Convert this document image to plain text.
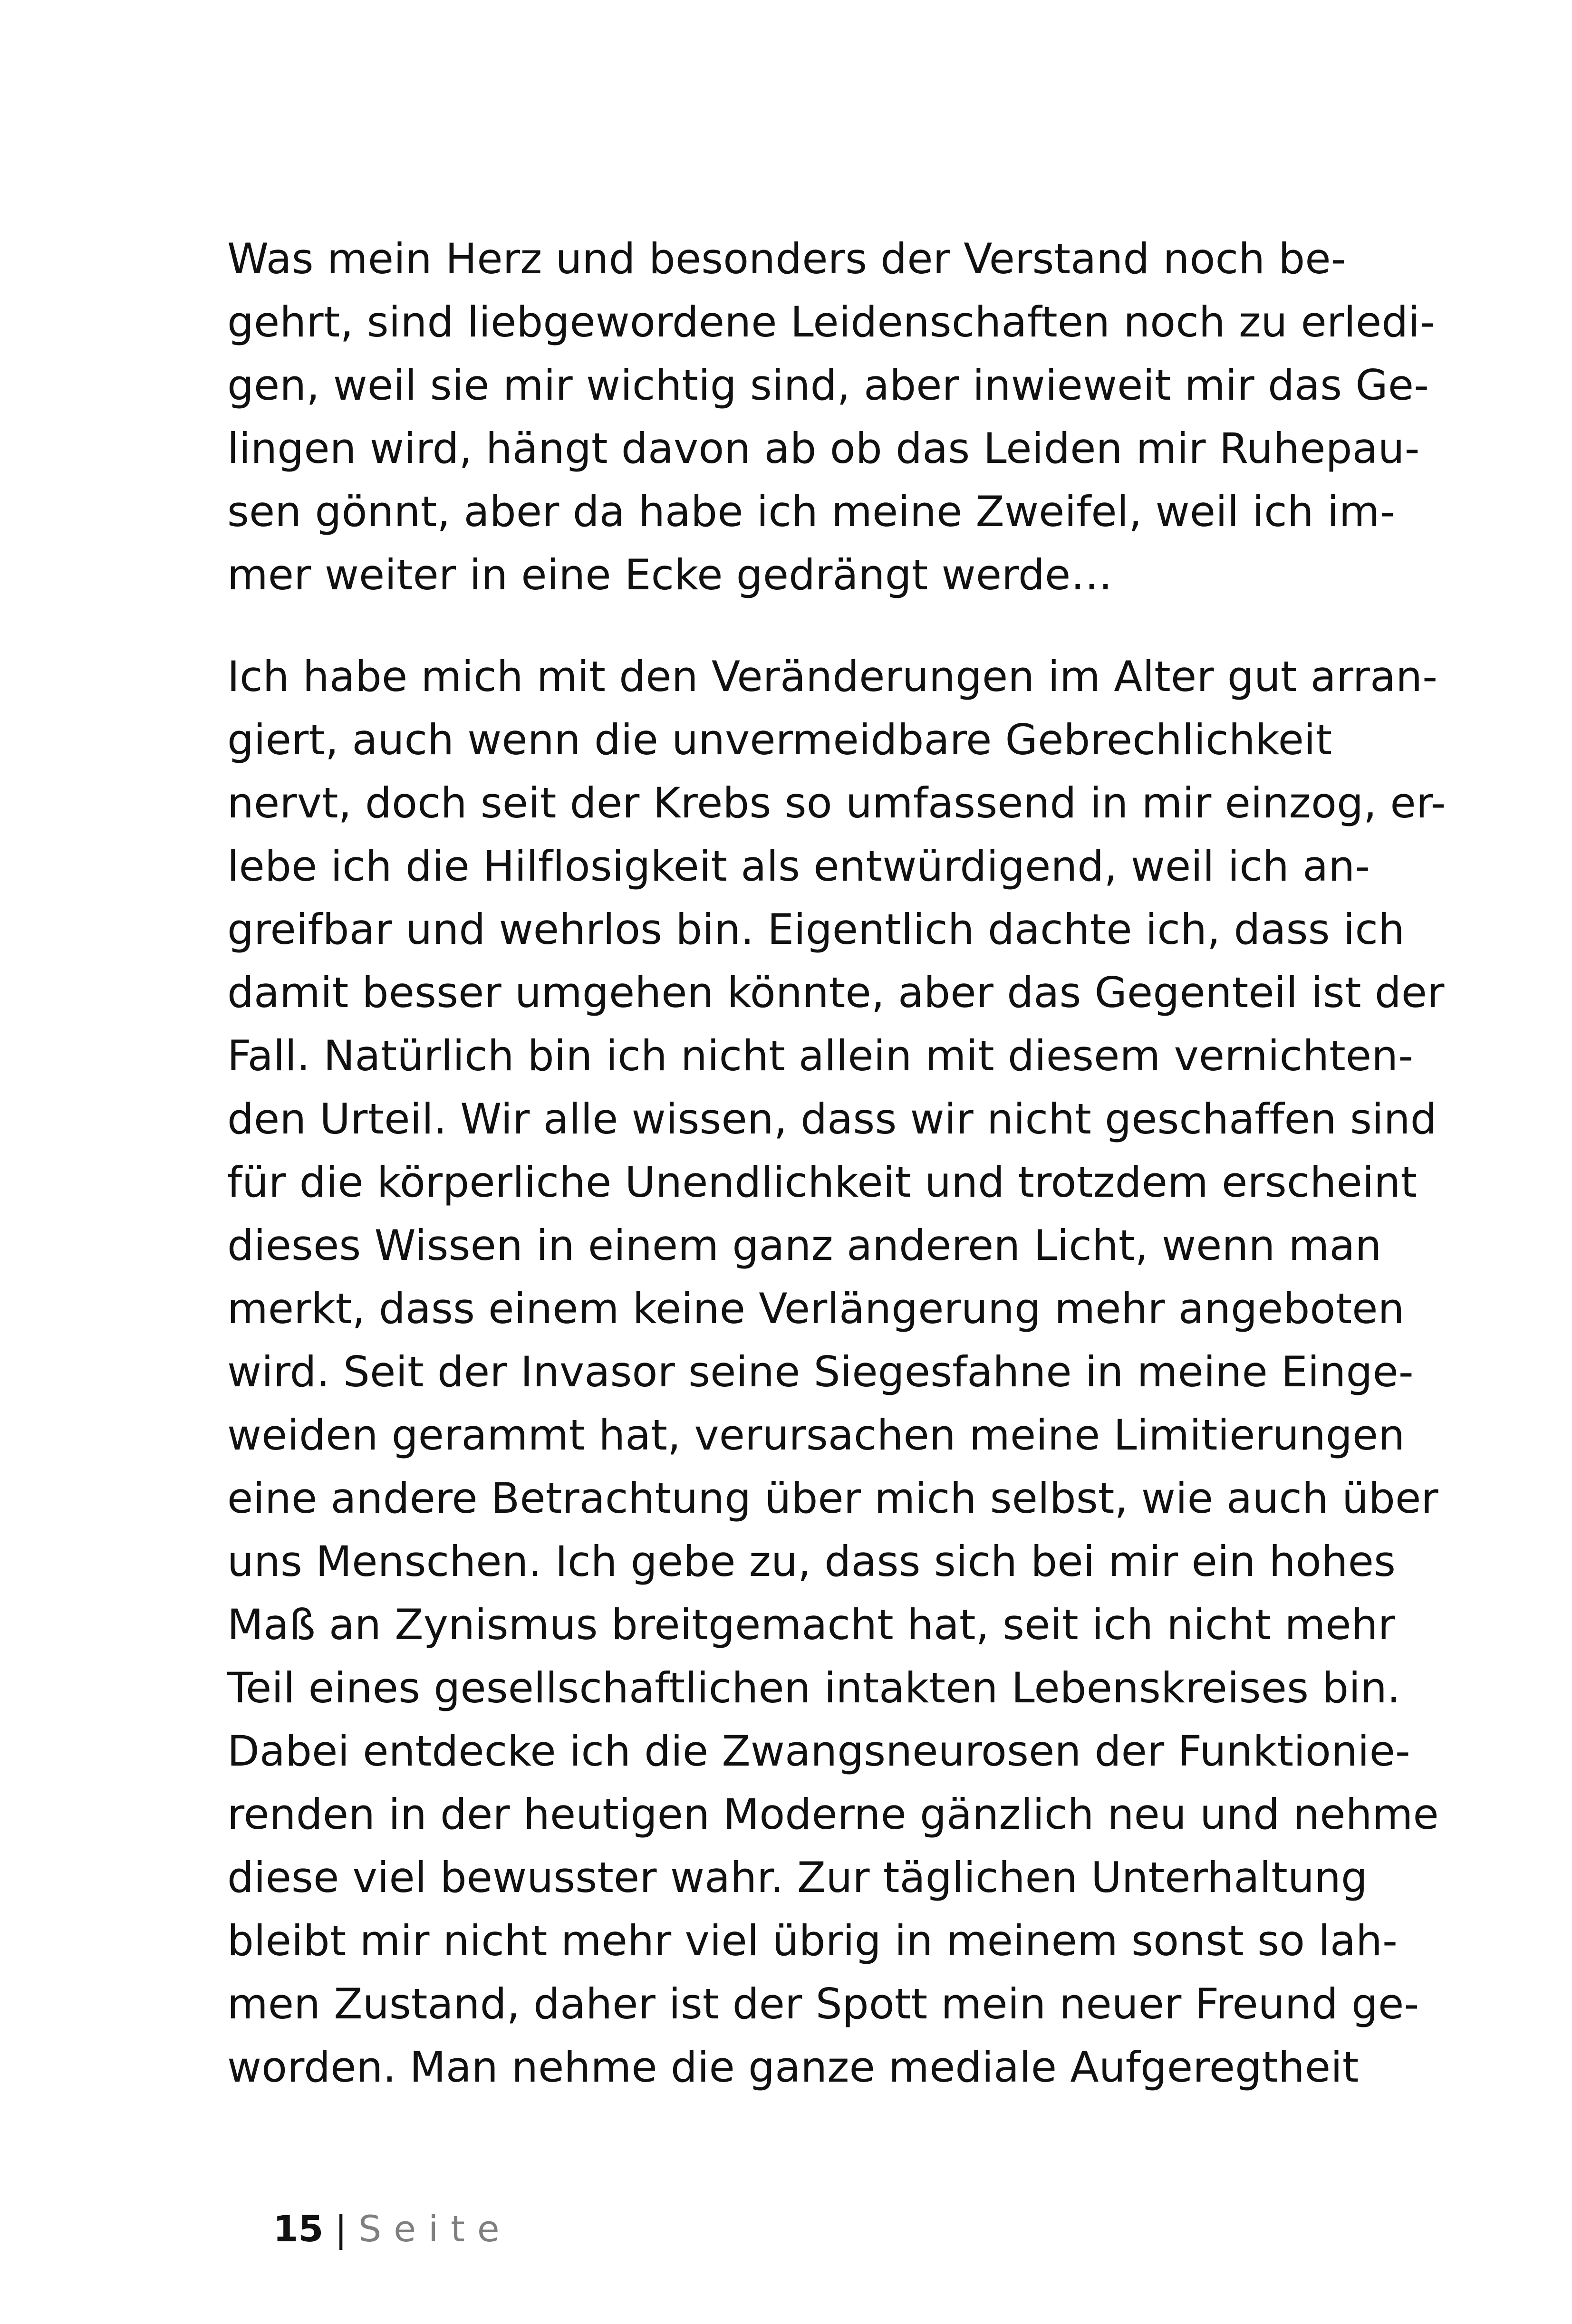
Was mein Herz und besonders der Verstand noch be-
gehrt, sind liebgewordene Leidenschaften noch zu erledi-
gen, weil sie mir wichtig sind, aber inwieweit mir das Ge-
lingen wird, hängt davon ab ob das Leiden mir Ruhepau-
sen gönnt, aber da habe ich meine Zweifel, weil ich im-
mer weiter in eine Ecke gedrängt werde…

Ich habe mich mit den Veränderungen im Alter gut arran-
giert, auch wenn die unvermeidbare Gebrechlichkeit
nervt, doch seit der Krebs so umfassend in mir einzog, er-
lebe ich die Hilflosigkeit als entwürdigend, weil ich an-
greifbar und wehrlos bin. Eigentlich dachte ich, dass ich
damit besser umgehen könnte, aber das Gegenteil ist der
Fall. Natürlich bin ich nicht allein mit diesem vernichten-
den Urteil. Wir alle wissen, dass wir nicht geschaffen sind
für die körperliche Unendlichkeit und trotzdem erscheint
dieses Wissen in einem ganz anderen Licht, wenn man
merkt, dass einem keine Verlängerung mehr angeboten
wird. Seit der Invasor seine Siegesfahne in meine Einge-
weiden gerammt hat, verursachen meine Limitierungen
eine andere Betrachtung über mich selbst, wie auch über
uns Menschen. Ich gebe zu, dass sich bei mir ein hohes
Maß an Zynismus breitgemacht hat, seit ich nicht mehr
Teil eines gesellschaftlichen intakten Lebenskreises bin.
Dabei entdecke ich die Zwangsneurosen der Funktionie-
renden in der heutigen Moderne gänzlich neu und nehme
diese viel bewusster wahr. Zur täglichen Unterhaltung
bleibt mir nicht mehr viel übrig in meinem sonst so lah-
men Zustand, daher ist der Spott mein neuer Freund ge-
worden. Man nehme die ganze mediale Aufgeregtheit

15 | Seite
